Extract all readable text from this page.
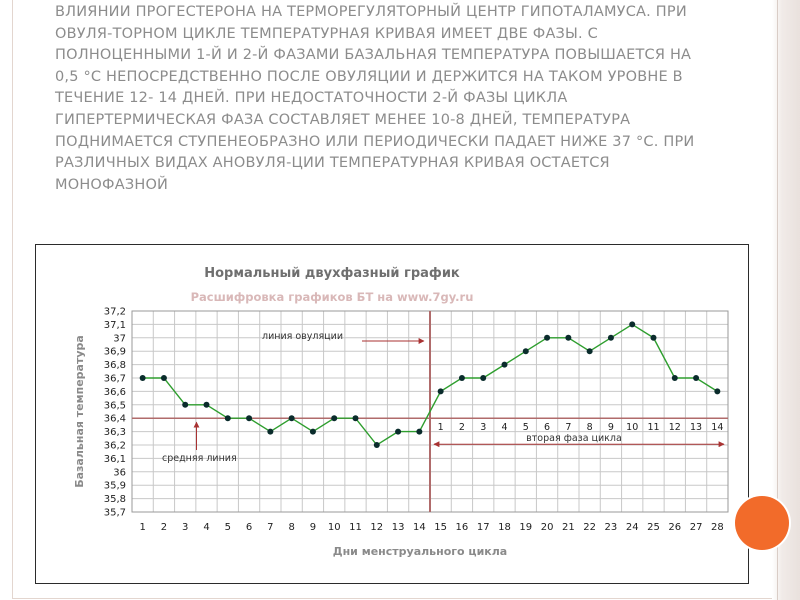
ВЛИЯНИИ ПРОГЕСТЕРОНА НА ТЕРМОРЕГУЛЯТОРНЫЙ ЦЕНТР ГИПОТАЛАМУСА. ПРИ ОВУЛЯ-ТОРНОМ ЦИКЛЕ ТЕМПЕРАТУРНАЯ КРИВАЯ ИМЕЕТ ДВЕ ФАЗЫ. С ПОЛНОЦЕННЫМИ 1-Й И 2-Й ФАЗАМИ БАЗАЛЬНАЯ ТЕМПЕРАТУРА ПОВЫШАЕТСЯ НА 0,5 °С НЕПОСРЕДСТВЕННО ПОСЛЕ ОВУЛЯЦИИ И ДЕРЖИТСЯ НА ТАКОМ УРОВНЕ В ТЕЧЕНИЕ 12- 14 ДНЕЙ. ПРИ НЕДОСТАТОЧНОСТИ 2-Й ФАЗЫ ЦИКЛА ГИПЕРТЕРМИЧЕСКАЯ ФАЗА СОСТАВЛЯЕТ МЕНЕЕ 10-8 ДНЕЙ, ТЕМПЕРАТУРА ПОДНИМАЕТСЯ СТУПЕНЕОБРАЗНО ИЛИ ПЕРИОДИЧЕСКИ ПАДАЕТ НИЖЕ 37 °С. ПРИ РАЗЛИЧНЫХ ВИДАХ АНОВУЛЯ-ЦИИ ТЕМПЕРАТУРНАЯ КРИВАЯ ОСТАЕТСЯ МОНОФАЗНОЙ

Нормальный двухфазный график
Расшифровка графиков БТ на www.7gy.ru
35,7
35,8
35,9
36
36,1
36,2
36,3
36,4
36,5
36,6
36,7
36,8
36,9
37
37,1
37,2
1 2 3 4 5 6 7 8 9 10 11 12 13 14 15 16 17 18 19 20 21 22 23 24 25 26 27 28
линия овуляции
средняя линия
1 2 3 4 5 6 7 8 9 10 11 12 13 14
вторая фаза цикла
Базальная температура
Дни менструального цикла
